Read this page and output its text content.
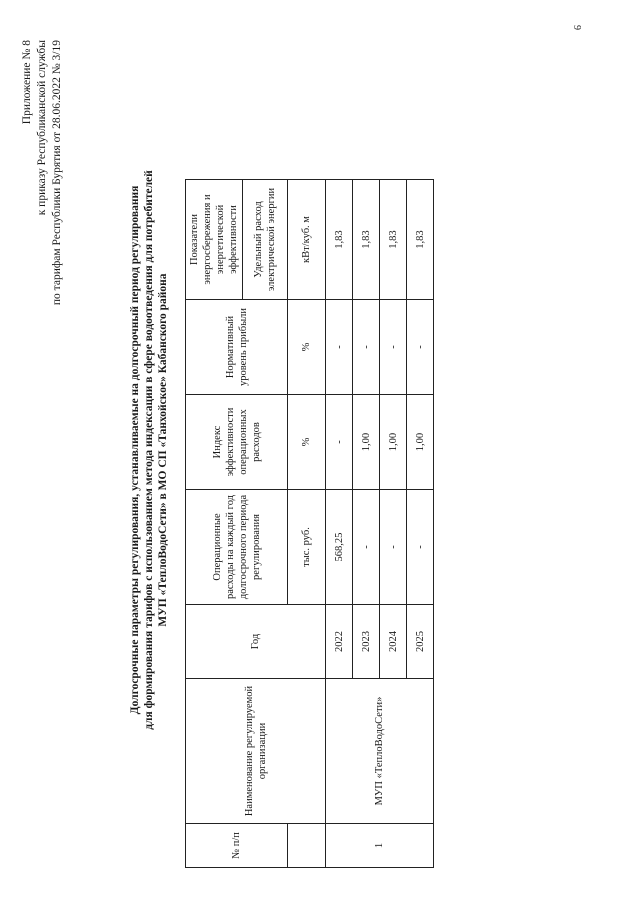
9
Приложение № 8 к приказу Республиканской службы по тарифам Республики Бурятия от 28.06.2022 № 3/19
Долгосрочные параметры регулирования, устанавливаемые на долгосрочный период регулирования для формирования тарифов с использованием метода индексации в сфере водоотведения для потребителей МУП «ТеплоВодоСети» в МО СП «Танхойское» Кабанского района
№ п/п	Наименование регулируемой организации	Год	Операционные расходы на каждый год долгосрочного периода регулирования	Индекс эффективности операционных расходов	Нормативный уровень прибыли	Показатели энергосбережения и энергетической эффективности
						Удельный расход электрической энергии
			тыс. руб.	%	%	кВт/куб. м
1	МУП «ТеплоВодоСети»	2022	568,25	-	-	1,83
		2023	-	1,00	-	1,83
		2024	-	1,00	-	1,83
		2025	-	1,00	-	1,83
